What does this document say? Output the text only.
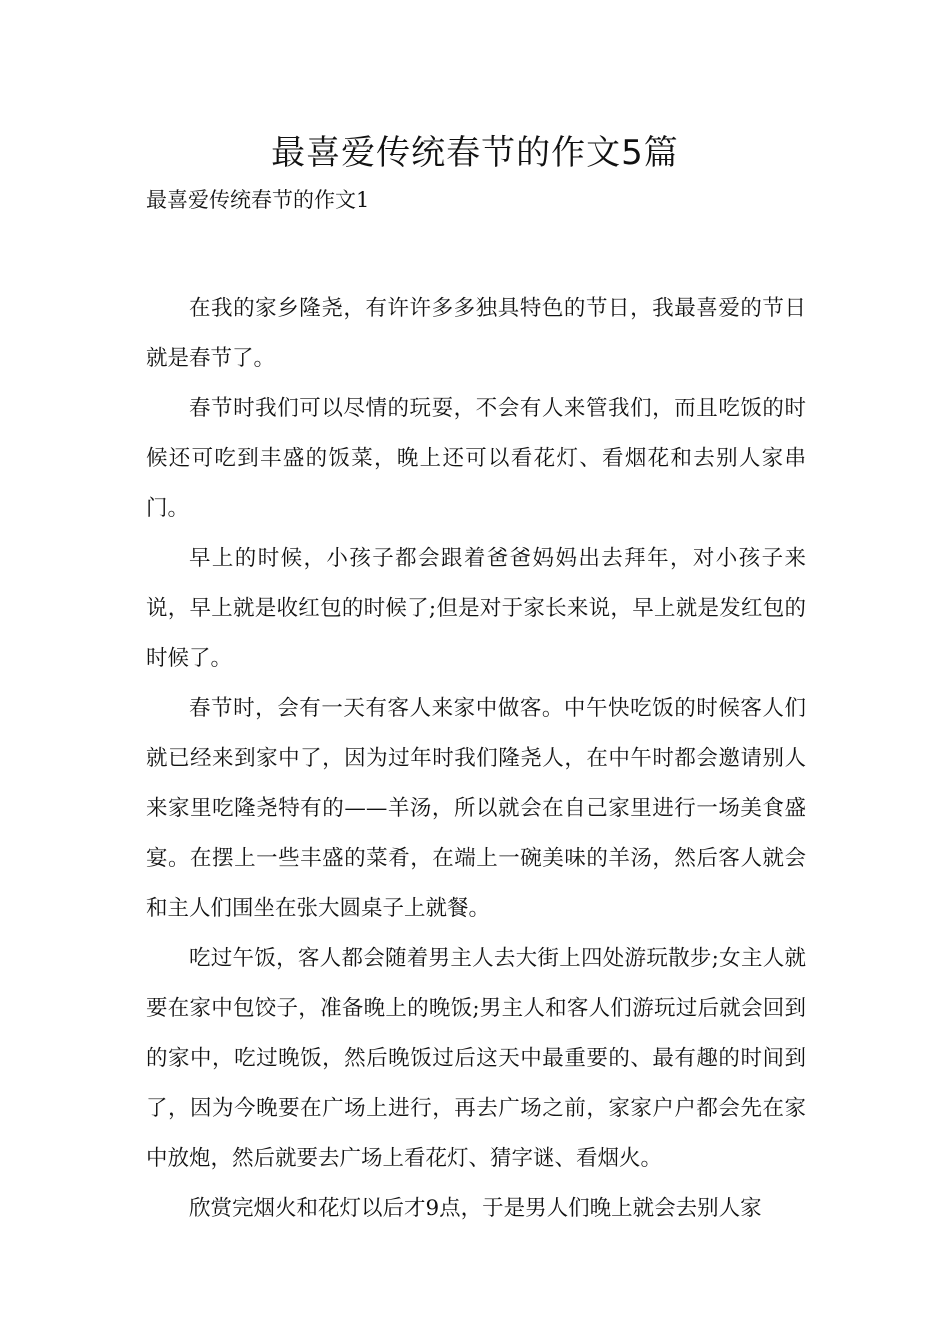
最喜爱传统春节的作文5篇

最喜爱传统春节的作文1

在我的家乡隆尧，有许许多多独具特色的节日，我最喜爱的节日就是春节了。

春节时我们可以尽情的玩耍，不会有人来管我们，而且吃饭的时候还可吃到丰盛的饭菜，晚上还可以看花灯、看烟花和去别人家串门。

早上的时候，小孩子都会跟着爸爸妈妈出去拜年，对小孩子来说，早上就是收红包的时候了;但是对于家长来说，早上就是发红包的时候了。

春节时，会有一天有客人来家中做客。中午快吃饭的时候客人们就已经来到家中了，因为过年时我们隆尧人，在中午时都会邀请别人来家里吃隆尧特有的——羊汤，所以就会在自己家里进行一场美食盛宴。在摆上一些丰盛的菜肴，在端上一碗美味的羊汤，然后客人就会和主人们围坐在张大圆桌子上就餐。

吃过午饭，客人都会随着男主人去大街上四处游玩散步;女主人就要在家中包饺子，准备晚上的晚饭;男主人和客人们游玩过后就会回到的家中，吃过晚饭，然后晚饭过后这天中最重要的、最有趣的时间到了，因为今晚要在广场上进行，再去广场之前，家家户户都会先在家中放炮，然后就要去广场上看花灯、猜字谜、看烟火。

欣赏完烟火和花灯以后才9点，于是男人们晚上就会去别人家
